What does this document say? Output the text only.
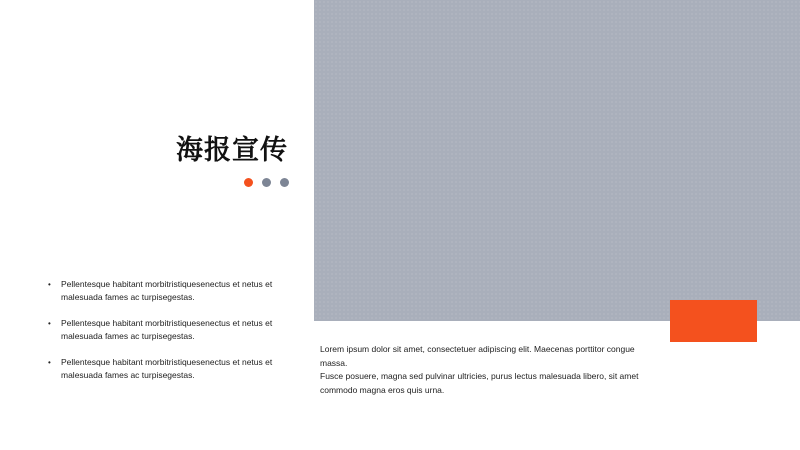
海报宣传
• Pellentesque habitant morbitristiquesenectus et netus et malesuada fames ac turpisegestas.
• Pellentesque habitant morbitristiquesenectus et netus et malesuada fames ac turpisegestas.
• Pellentesque habitant morbitristiquesenectus et netus et malesuada fames ac turpisegestas.

Lorem ipsum dolor sit amet, consectetuer adipiscing elit. Maecenas porttitor congue massa.

Fusce posuere, magna sed pulvinar ultricies, purus lectus malesuada libero, sit amet commodo magna eros quis urna.
